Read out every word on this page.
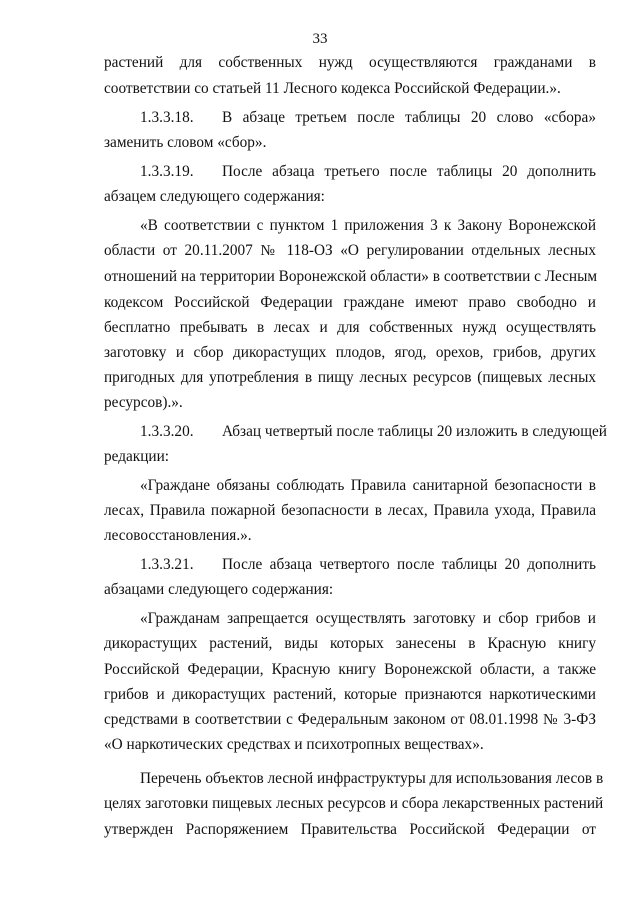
33
растений для собственных нужд осуществляются гражданами в
соответствии со статьей 11 Лесного кодекса Российской Федерации.».
1.3.3.18. В абзаце третьем после таблицы 20 слово «сбора»
заменить словом «сбор».
1.3.3.19. После абзаца третьего после таблицы 20 дополнить
абзацем следующего содержания:
«В соответствии с пунктом 1 приложения 3 к Закону Воронежской
области от 20.11.2007 № 118-ОЗ «О регулировании отдельных лесных
отношений на территории Воронежской области» в соответствии с Лесным
кодексом Российской Федерации граждане имеют право свободно и
бесплатно пребывать в лесах и для собственных нужд осуществлять
заготовку и сбор дикорастущих плодов, ягод, орехов, грибов, других
пригодных для употребления в пищу лесных ресурсов (пищевых лесных
ресурсов).».
1.3.3.20. Абзац четвертый после таблицы 20 изложить в следующей
редакции:
«Граждане обязаны соблюдать Правила санитарной безопасности в
лесах, Правила пожарной безопасности в лесах, Правила ухода, Правила
лесовосстановления.».
1.3.3.21. После абзаца четвертого после таблицы 20 дополнить
абзацами следующего содержания:
«Гражданам запрещается осуществлять заготовку и сбор грибов и
дикорастущих растений, виды которых занесены в Красную книгу
Российской Федерации, Красную книгу Воронежской области, а также
грибов и дикорастущих растений, которые признаются наркотическими
средствами в соответствии с Федеральным законом от 08.01.1998 № 3-ФЗ
«О наркотических средствах и психотропных веществах».
Перечень объектов лесной инфраструктуры для использования лесов в
целях заготовки пищевых лесных ресурсов и сбора лекарственных растений
утвержден Распоряжением Правительства Российской Федерации от
